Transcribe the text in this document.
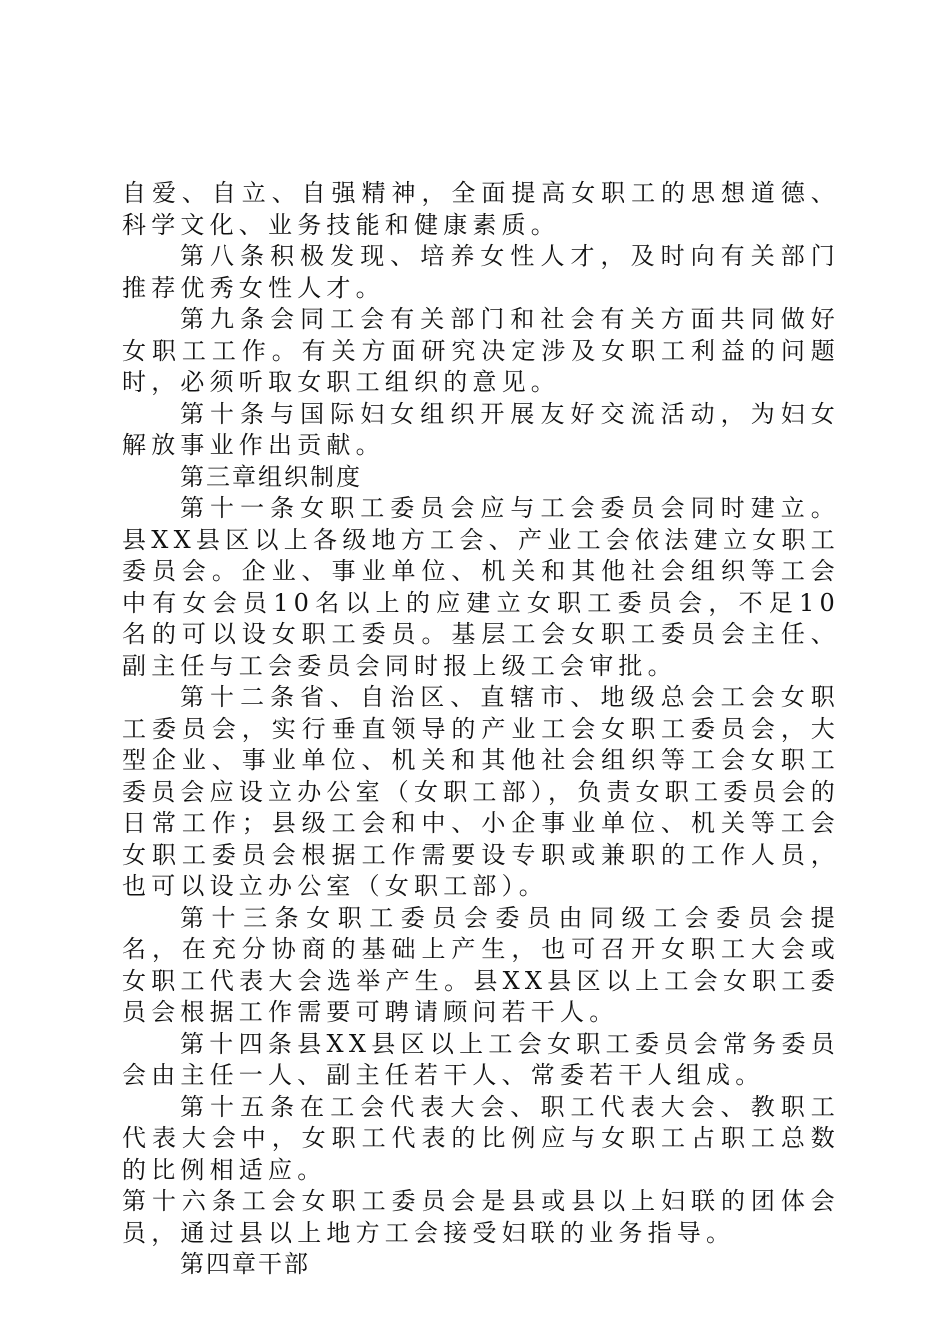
自爱、自立、自强精神，全面提高女职工的思想道德、科学文化、业务技能和健康素质。

第八条积极发现、培养女性人才，及时向有关部门推荐优秀女性人才。

第九条会同工会有关部门和社会有关方面共同做好女职工工作。有关方面研究决定涉及女职工利益的问题时，必须听取女职工组织的意见。

第十条与国际妇女组织开展友好交流活动，为妇女解放事业作出贡献。

第三章组织制度

第十一条女职工委员会应与工会委员会同时建立。县XX县区以上各级地方工会、产业工会依法建立女职工委员会。企业、事业单位、机关和其他社会组织等工会中有女会员10名以上的应建立女职工委员会，不足10名的可以设女职工委员。基层工会女职工委员会主任、副主任与工会委员会同时报上级工会审批。

第十二条省、自治区、直辖市、地级总会工会女职工委员会，实行垂直领导的产业工会女职工委员会，大型企业、事业单位、机关和其他社会组织等工会女职工委员会应设立办公室（女职工部），负责女职工委员会的日常工作；县级工会和中、小企事业单位、机关等工会女职工委员会根据工作需要设专职或兼职的工作人员，也可以设立办公室（女职工部）。

第十三条女职工委员会委员由同级工会委员会提名，在充分协商的基础上产生，也可召开女职工大会或女职工代表大会选举产生。县XX县区以上工会女职工委员会根据工作需要可聘请顾问若干人。

第十四条县XX县区以上工会女职工委员会常务委员会由主任一人、副主任若干人、常委若干人组成。

第十五条在工会代表大会、职工代表大会、教职工代表大会中，女职工代表的比例应与女职工占职工总数的比例相适应。

第十六条工会女职工委员会是县或县以上妇联的团体会员，通过县以上地方工会接受妇联的业务指导。

第四章干部
